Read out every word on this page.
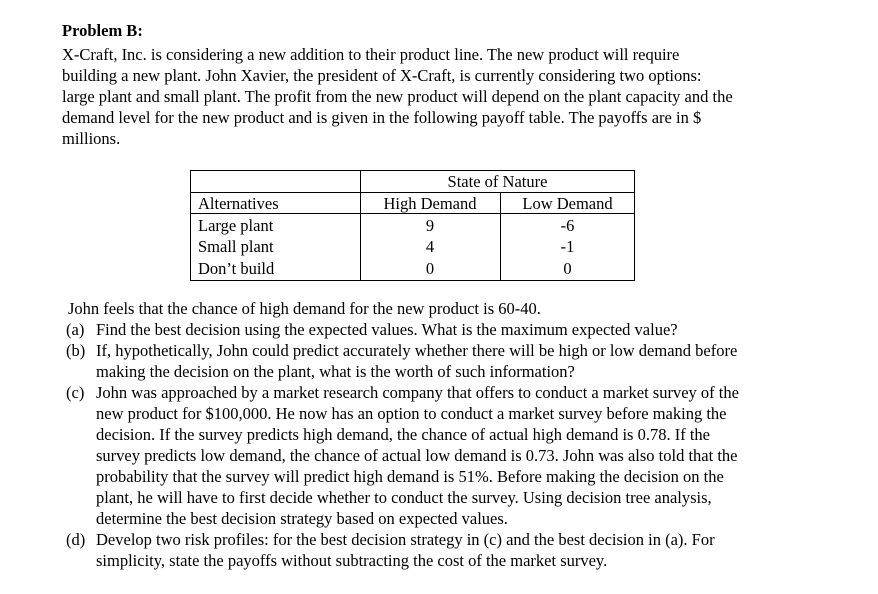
Problem B:
X-Craft, Inc. is considering a new addition to their product line. The new product will require
building a new plant. John Xavier, the president of X-Craft, is currently considering two options:
large plant and small plant. The profit from the new product will depend on the plant capacity and the
demand level for the new product and is given in the following payoff table. The payoffs are in $
millions.
State of Nature
Alternatives	High Demand	Low Demand
Large plant	9	-6
Small plant	4	-1
Don’t build	0	0
John feels that the chance of high demand for the new product is 60-40.
(a) Find the best decision using the expected values. What is the maximum expected value?
(b) If, hypothetically, John could predict accurately whether there will be high or low demand before
making the decision on the plant, what is the worth of such information?
(c) John was approached by a market research company that offers to conduct a market survey of the
new product for $100,000. He now has an option to conduct a market survey before making the
decision. If the survey predicts high demand, the chance of actual high demand is 0.78. If the
survey predicts low demand, the chance of actual low demand is 0.73. John was also told that the
probability that the survey will predict high demand is 51%. Before making the decision on the
plant, he will have to first decide whether to conduct the survey. Using decision tree analysis,
determine the best decision strategy based on expected values.
(d) Develop two risk profiles: for the best decision strategy in (c) and the best decision in (a). For
simplicity, state the payoffs without subtracting the cost of the market survey.
